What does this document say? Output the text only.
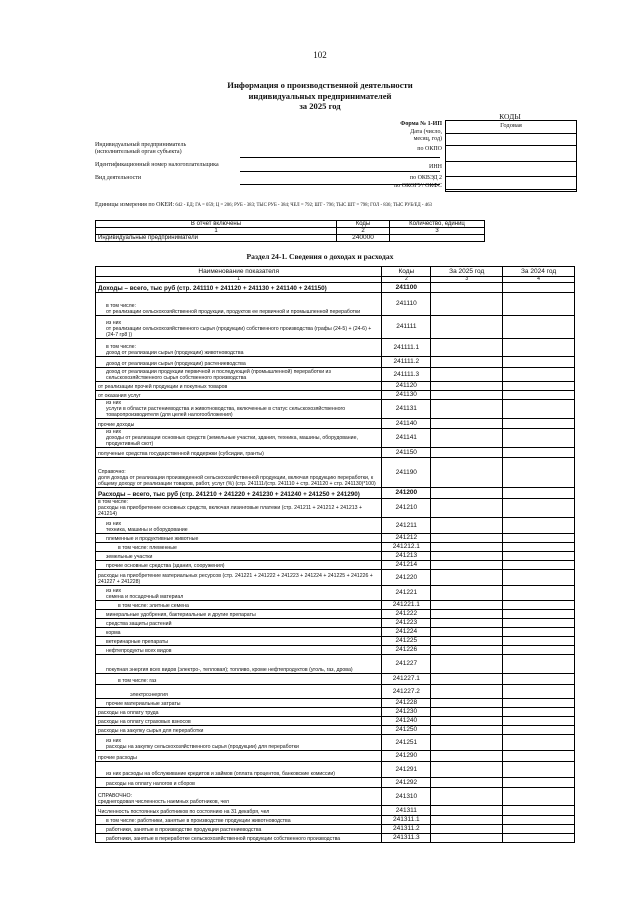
102
Информация о производственной деятельности
индивидуальных предпринимателей
за 2025 год
КОДЫ
Годовая
Форма № 1-ИП
Дата (число,
месяц, год)
по ОКПО
ИНН
по ОКВЭД 2
по ОКОГУ/ ОКФС
Индивидуальный предприниматель
(исполнительный орган субъекта)
Идентификационный номер налогоплательщика
Вид деятельности
Единицы измерения по ОКЕИ: 642 - ЕД; ГА = 059; Ц = 206; РУБ - 383; ТЫС РУБ - 384; ЧЕЛ = 792; ШТ - 796; ТЫС ШТ = 798; ГОЛ - 836; ТЫС РУБ/ЕД - 463
В отчет включены	Коды	Количество, единиц
1	2	3
Индивидуальные предприниматели	240000	
Раздел 24-1. Сведения о доходах и расходах
Наименование показателя	Коды	За 2025 год	За 2024 год
1	2	3	4
Доходы – всего, тыс руб (стр. 241110 + 241120 + 241130 + 241140 + 241150)	241100		
в том числе:
от реализации сельскохозяйственной продукции, продуктов ее первичной и промышленной переработки	241110		
из них
от реализации сельскохозяйственного сырья (продукции) собственного производства (графы (24-5) + (24-6) + (24-7 гр8 ))	241111		
в том числе:
доход от реализации сырья (продукции) животноводства	241111.1		
доход от реализации сырья (продукции) растениеводства	241111.2		
доход от реализации продукции первичной и последующей (промышленной) переработки из сельскохозяйственного сырья собственного производства	241111.3		
от реализации прочей продукции и покупных товаров	241120		
от оказания услуг	241130		
из них
услуги в области растениеводства и животноводства, включенные в статус сельскохозяйственного товаропроизводителя (для целей налогообложения)	241131		
прочие доходы	241140		
из них
доходы от реализации основных средств (земельные участки, здания, техника, машины, оборудование, продуктивный скот)	241141		
полученые средства государственной поддержки (субсидии, гранты)	241150		
Справочно:
доля дохода от реализации произведенной сельскохозяйственной продукции, включая продукцию переработки, к общему доходу от реализации товаров, работ, услуг (%) (стр. 241111/(стр. 241110 + стр. 241120 + стр. 241130)*100)	241190		
Расходы – всего, тыс руб (стр. 241210 + 241220 + 241230 + 241240 + 241250 + 241290)	241200		
в том числе:
расходы на приобретение основных средств, включая лизинговые платежи (стр. 241211 + 241212 + 241213 + 241214)	241210		
из них
техника, машины и оборудование	241211		
племенные и продуктивные животные	241212		
в том числе: племенные	241212.1		
земельные участки	241213		
прочие основные средства (здания, сооружения)	241214		
расходы на приобретение материальных ресурсов (стр. 241221 + 241222 + 241223 + 241224 + 241225 + 241226 + 241227 + 241228)	241220		
из них
семена и посадочный материал	241221		
в том числе: элитные семена	241221.1		
минеральные удобрения, бактериальные и другие препараты	241222		
средства защиты растений	241223		
корма	241224		
ветеринарные препараты	241225		
нефтепродукты всех видов	241226		
покупная энергия всех видов (электро-, тепловая); топливо, кроме нефтепродуктов (уголь, газ, дрова)	241227		
в том числе: газ	241227.1		
электроэнергия	241227.2		
прочие материальные затраты	241228		
расходы на оплату труда	241230		
расходы на оплату страховых взносов	241240		
расходы на закупку сырья для переработки	241250		
из них
расходы на закупку сельскохозяйственного сырья (продукции) для переработки	241251		
прочие расходы	241290		
из них расходы на обслуживание кредитов и займов (оплата процентов, банковские комиссии)	241291		
расходы на оплату налогов и сборов	241292		
СПРАВОЧНО:
среднегодовая численность наемных работников, чел	241310		
Численность постоянных работников по состоянию на 31 декабря, чел	241311		
в том числе: работники, занятые в производстве продукции животноводства	241311.1		
работники, занятые в производстве продукции растениеводства	241311.2		
работники, занятые в переработке сельскохозяйственной продукции собственного производства	241311.3		
